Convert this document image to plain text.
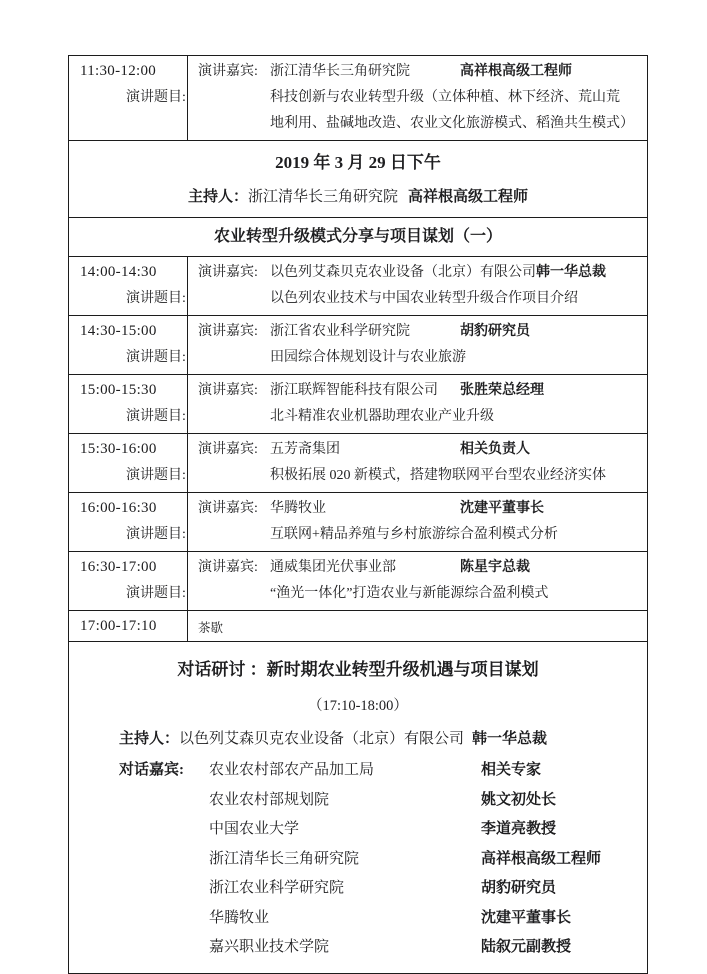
11:30-12:00	演讲嘉宾: 浙江清华长三角研究院	高祥根高级工程师
演讲题目:	科技创新与农业转型升级（立体种植、林下经济、荒山荒地利用、盐碱地改造、农业文化旅游模式、稻渔共生模式）
2019 年 3 月 29 日下午
主持人：浙江清华长三角研究院 高祥根高级工程师
农业转型升级模式分享与项目谋划（一）
14:00-14:30	演讲嘉宾: 以色列艾森贝克农业设备（北京）有限公司韩一华总裁
演讲题目:	以色列农业技术与中国农业转型升级合作项目介绍
14:30-15:00	演讲嘉宾: 浙江省农业科学研究院	胡豹研究员
演讲题目:	田园综合体规划设计与农业旅游
15:00-15:30	演讲嘉宾: 浙江联辉智能科技有限公司 张胜荣总经理
演讲题目:	北斗精准农业机器助理农业产业升级
15:30-16:00	演讲嘉宾: 五芳斋集团	相关负责人
演讲题目:	积极拓展 020 新模式，搭建物联网平台型农业经济实体
16:00-16:30	演讲嘉宾: 华腾牧业	沈建平董事长
演讲题目:	互联网+精品养殖与乡村旅游综合盈利模式分析
16:30-17:00	演讲嘉宾: 通威集团光伏事业部	陈星宇总裁
演讲题目:	“渔光一体化”打造农业与新能源综合盈利模式
17:00-17:10	茶歇
对话研讨 ：新时期农业转型升级机遇与项目谋划
（17:10-18:00）
主持人：以色列艾森贝克农业设备（北京）有限公司 韩一华总裁
对话嘉宾: 农业农村部农产品加工局	相关专家
农业农村部规划院	姚文初处长
中国农业大学	李道亮教授
浙江清华长三角研究院	高祥根高级工程师
浙江农业科学研究院	胡豹研究员
华腾牧业	沈建平董事长
嘉兴职业技术学院	陆叙元副教授
